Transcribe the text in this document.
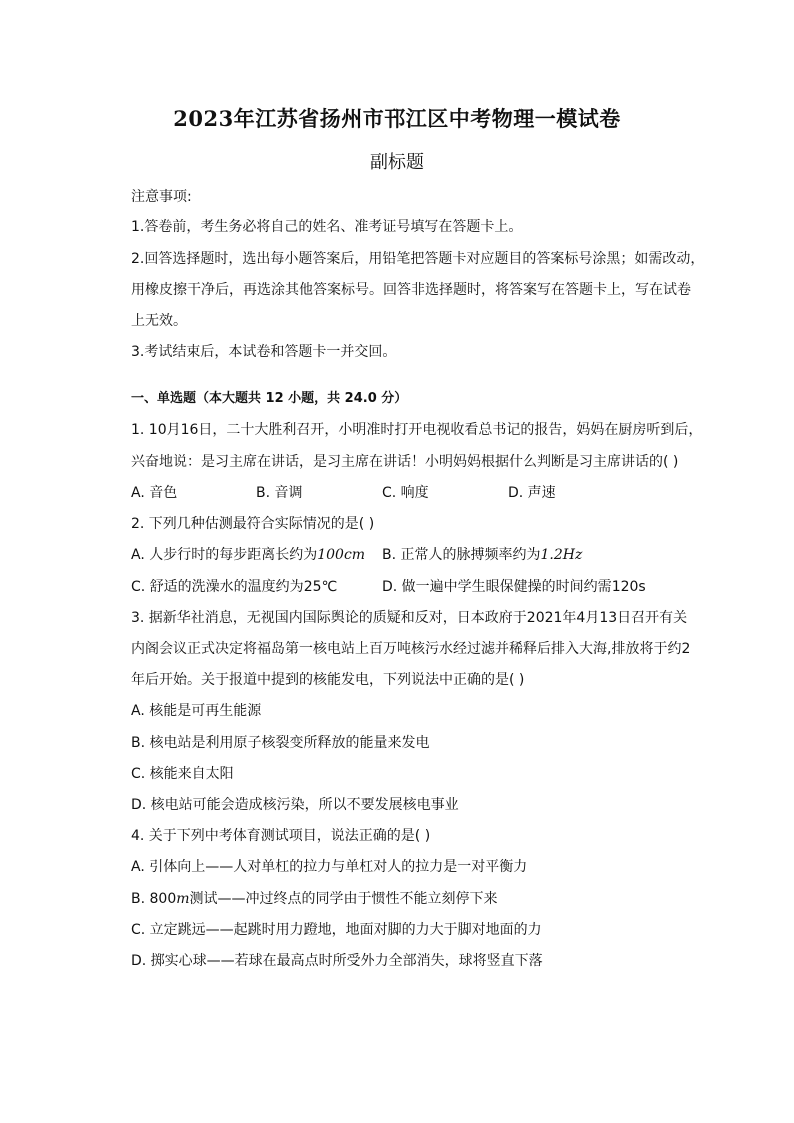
2023年江苏省扬州市邗江区中考物理一模试卷
副标题
注意事项:
1.答卷前，考生务必将自己的姓名、准考证号填写在答题卡上。
2.回答选择题时，选出每小题答案后，用铅笔把答题卡对应题目的答案标号涂黑；如需改动，
用橡皮擦干净后，再选涂其他答案标号。回答非选择题时，将答案写在答题卡上，写在试卷
上无效。
3.考试结束后，本试卷和答题卡一并交回。
一、单选题（本大题共 12 小题，共 24.0 分）
1. 10月16日，二十大胜利召开，小明准时打开电视收看总书记的报告，妈妈在厨房听到后，
兴奋地说：是习主席在讲话，是习主席在讲话！小明妈妈根据什么判断是习主席讲话的( )
A. 音色	B. 音调	C. 响度	D. 声速
2. 下列几种估测最符合实际情况的是( )
A. 人步行时的每步距离长约为100cm B. 正常人的脉搏频率约为1.2Hz
C. 舒适的洗澡水的温度约为25℃	D. 做一遍中学生眼保健操的时间约需120s
3. 据新华社消息，无视国内国际舆论的质疑和反对，日本政府于2021年4月13日召开有关
内阁会议正式决定将福岛第一核电站上百万吨核污水经过滤并稀释后排入大海,排放将于约2
年后开始。关于报道中提到的核能发电，下列说法中正确的是( )
A. 核能是可再生能源
B. 核电站是利用原子核裂变所释放的能量来发电
C. 核能来自太阳
D. 核电站可能会造成核污染，所以不要发展核电事业
4. 关于下列中考体育测试项目，说法正确的是( )
A. 引体向上——人对单杠的拉力与单杠对人的拉力是一对平衡力
B. 800m测试——冲过终点的同学由于惯性不能立刻停下来
C. 立定跳远——起跳时用力蹬地，地面对脚的力大于脚对地面的力
D. 掷实心球——若球在最高点时所受外力全部消失，球将竖直下落
